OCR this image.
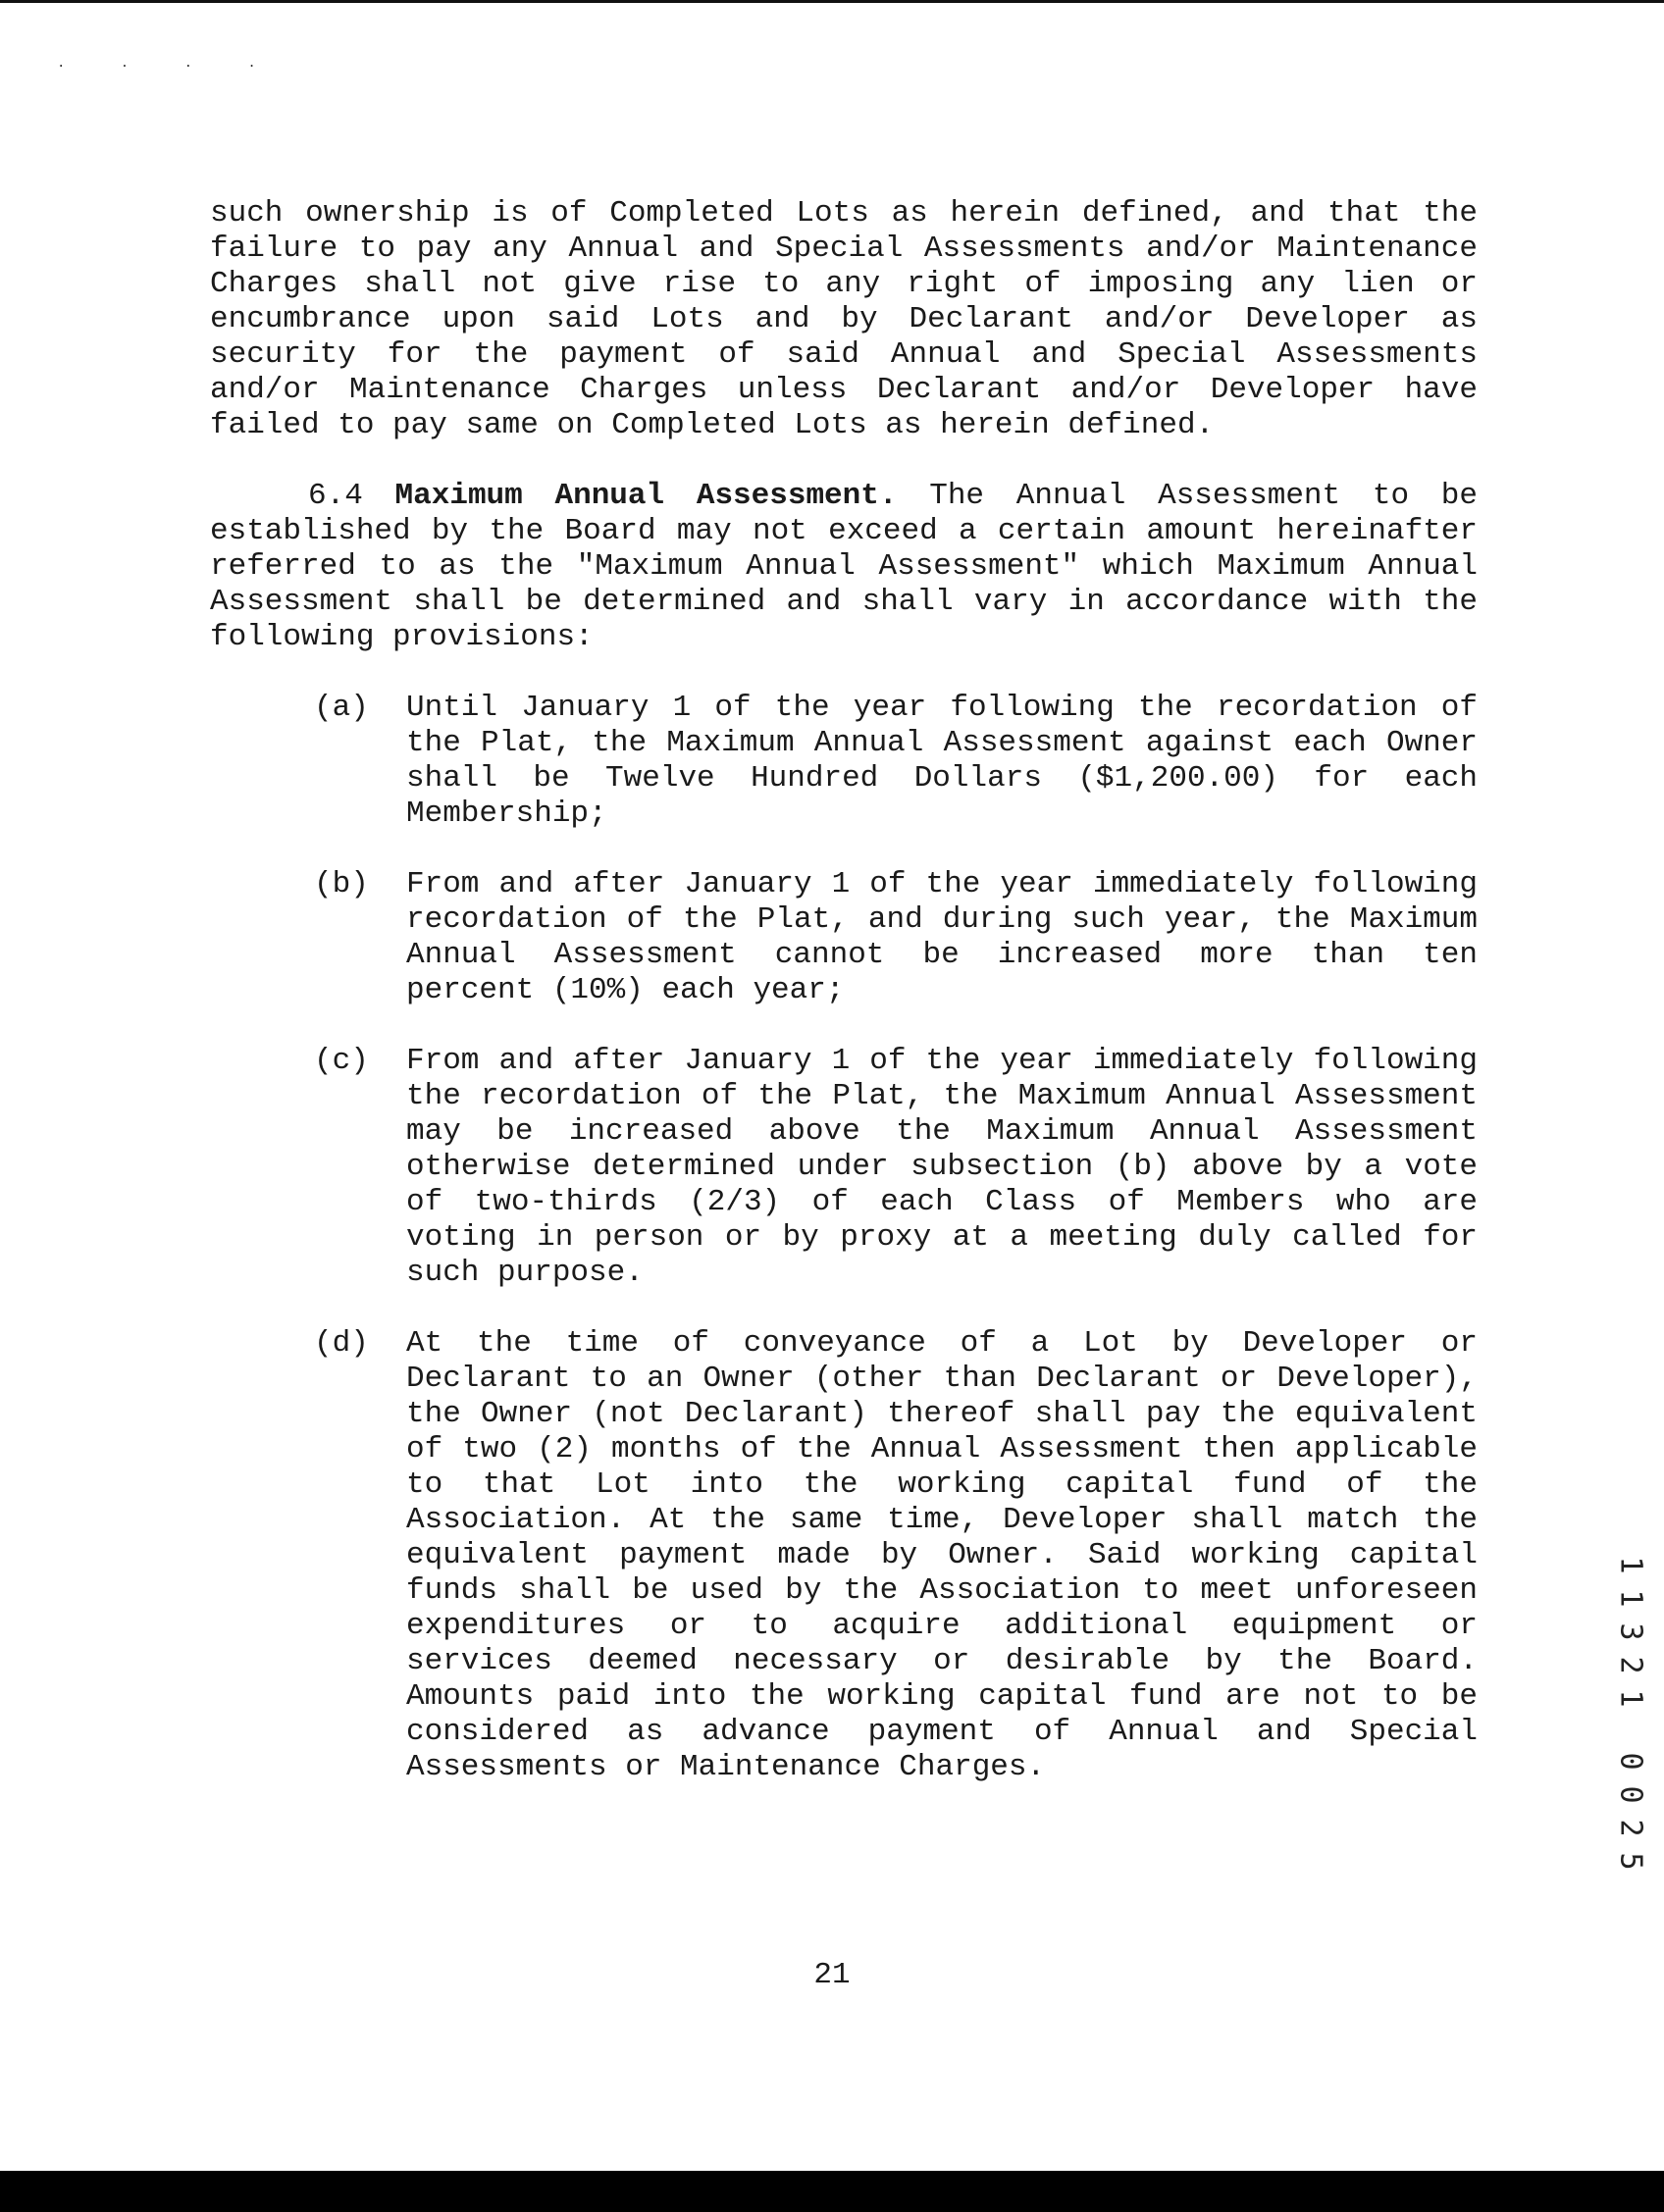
· · · ·

such ownership is of Completed Lots as herein defined, and that the failure to pay any Annual and Special Assessments and/or Maintenance Charges shall not give rise to any right of imposing any lien or encumbrance upon said Lots and by Declarant and/or Developer as security for the payment of said Annual and Special Assessments and/or Maintenance Charges unless Declarant and/or Developer have failed to pay same on Completed Lots as herein defined.

6.4 Maximum Annual Assessment. The Annual Assessment to be established by the Board may not exceed a certain amount hereinafter referred to as the "Maximum Annual Assessment" which Maximum Annual Assessment shall be determined and shall vary in accordance with the following provisions:

(a)	Until January 1 of the year following the recordation of the Plat, the Maximum Annual Assessment against each Owner shall be Twelve Hundred Dollars ($1,200.00) for each Membership;
(b)	From and after January 1 of the year immediately following recordation of the Plat, and during such year, the Maximum Annual Assessment cannot be increased more than ten percent (10%) each year;
(c)	From and after January 1 of the year immediately following the recordation of the Plat, the Maximum Annual Assessment may be increased above the Maximum Annual Assessment otherwise determined under subsection (b) above by a vote of two-thirds (2/3) of each Class of Members who are voting in person or by proxy at a meeting duly called for such purpose.
(d)	At the time of conveyance of a Lot by Developer or Declarant to an Owner (other than Declarant or Developer), the Owner (not Declarant) thereof shall pay the equivalent of two (2) months of the Annual Assessment then applicable to that Lot into the working capital fund of the Association. At the same time, Developer shall match the equivalent payment made by Owner. Said working capital funds shall be used by the Association to meet unforeseen expenditures or to acquire additional equipment or services deemed necessary or desirable by the Board. Amounts paid into the working capital fund are not to be considered as advance payment of Annual and Special Assessments or Maintenance Charges.
21
1
1
3
2
1
0
0
2
5
